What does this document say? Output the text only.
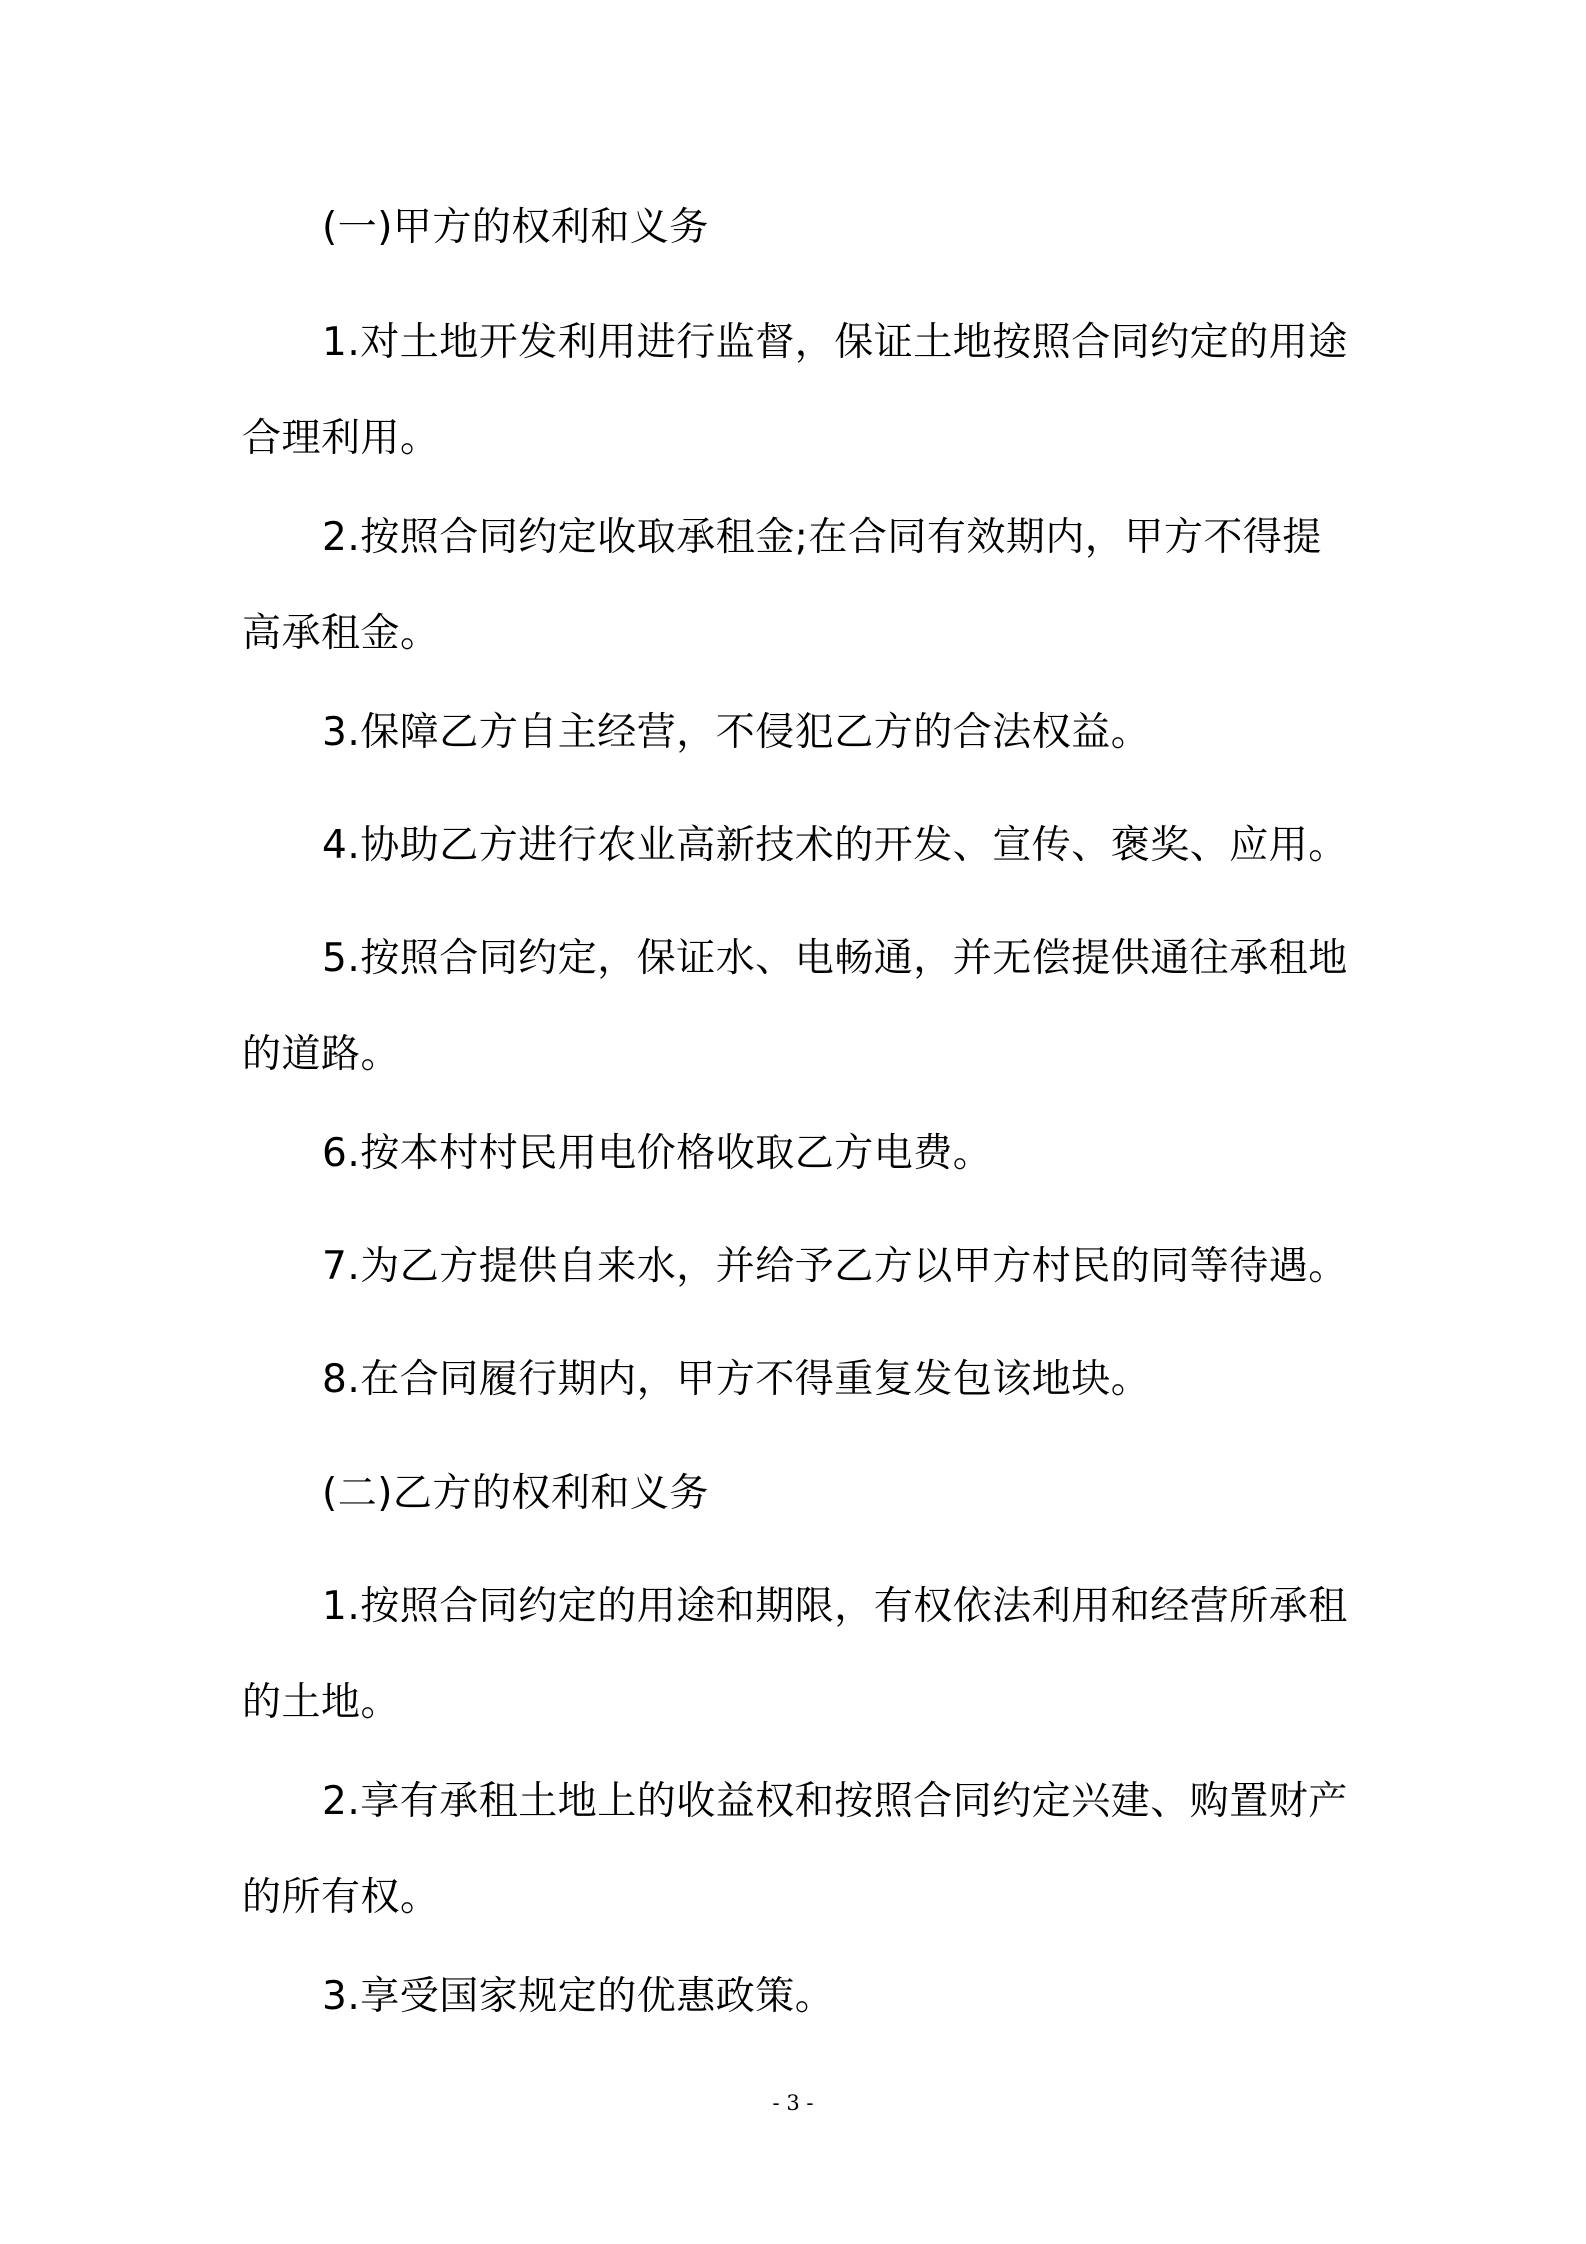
(一)甲方的权利和义务

1.对土地开发利用进行监督，保证土地按照合同约定的用途合理利用。

2.按照合同约定收取承租金;在合同有效期内，甲方不得提高承租金。

3.保障乙方自主经营，不侵犯乙方的合法权益。

4.协助乙方进行农业高新技术的开发、宣传、褒奖、应用。

5.按照合同约定，保证水、电畅通，并无偿提供通往承租地的道路。

6.按本村村民用电价格收取乙方电费。

7.为乙方提供自来水，并给予乙方以甲方村民的同等待遇。

8.在合同履行期内，甲方不得重复发包该地块。

(二)乙方的权利和义务

1.按照合同约定的用途和期限，有权依法利用和经营所承租的土地。

2.享有承租土地上的收益权和按照合同约定兴建、购置财产的所有权。

3.享受国家规定的优惠政策。

- 3 -
